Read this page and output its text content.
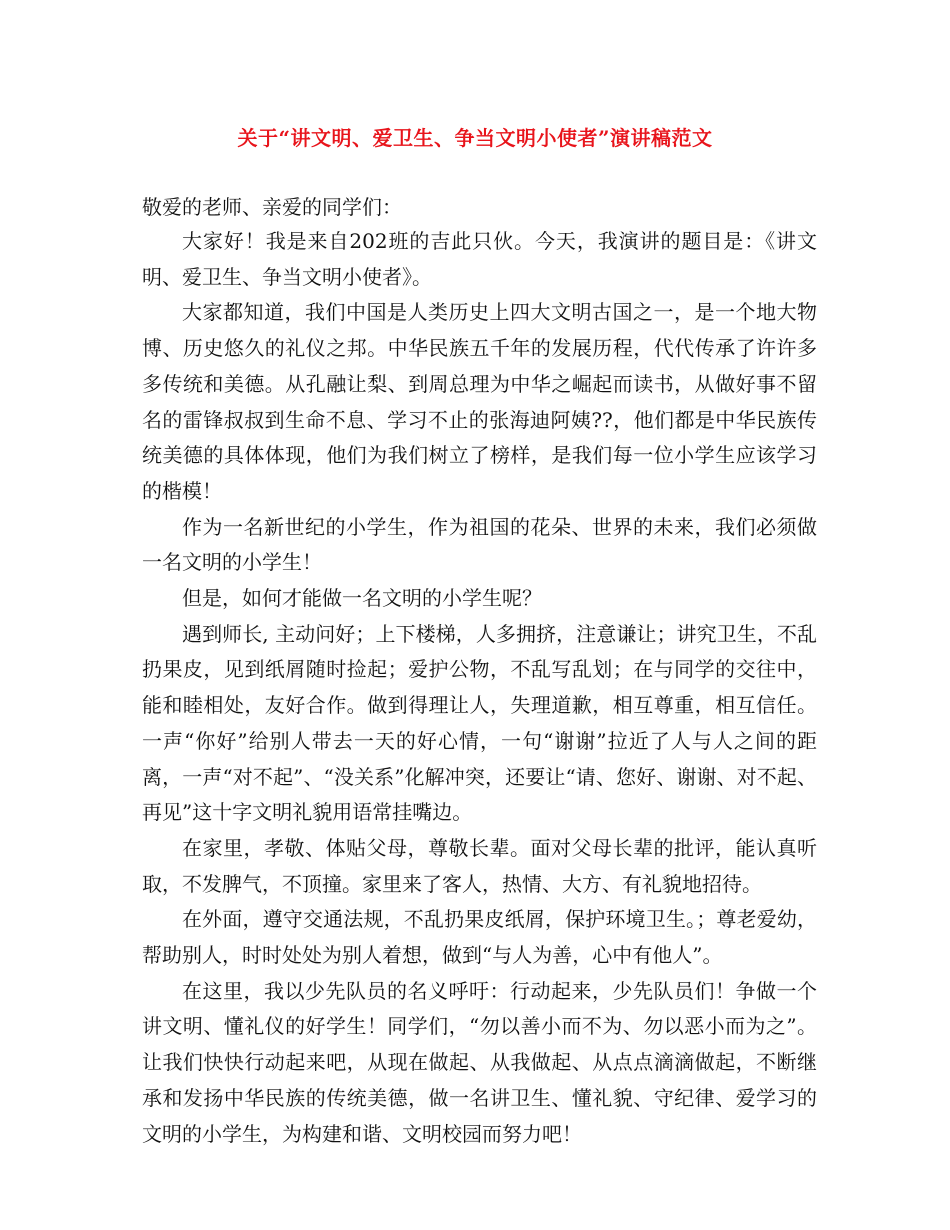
关于“讲文明、爱卫生、争当文明小使者”演讲稿范文

敬爱的老师、亲爱的同学们：

大家好！我是来自202班的吉此只伙。今天，我演讲的题目是：《讲文明、爱卫生、争当文明小使者》。

大家都知道，我们中国是人类历史上四大文明古国之一，是一个地大物博、历史悠久的礼仪之邦。中华民族五千年的发展历程，代代传承了许许多多传统和美德。从孔融让梨、到周总理为中华之崛起而读书，从做好事不留名的雷锋叔叔到生命不息、学习不止的张海迪阿姨??，他们都是中华民族传统美德的具体体现，他们为我们树立了榜样，是我们每一位小学生应该学习的楷模！

作为一名新世纪的小学生，作为祖国的花朵、世界的未来，我们必须做一名文明的小学生！

但是，如何才能做一名文明的小学生呢？

遇到师长, 主动问好；上下楼梯，人多拥挤，注意谦让；讲究卫生，不乱扔果皮，见到纸屑随时捡起；爱护公物，不乱写乱划；在与同学的交往中，能和睦相处，友好合作。做到得理让人，失理道歉，相互尊重，相互信任。一声“你好”给别人带去一天的好心情，一句“谢谢”拉近了人与人之间的距离，一声“对不起”、“没关系”化解冲突，还要让“请、您好、谢谢、对不起、再见”这十字文明礼貌用语常挂嘴边。

在家里，孝敬、体贴父母，尊敬长辈。面对父母长辈的批评，能认真听取，不发脾气，不顶撞。家里来了客人，热情、大方、有礼貌地招待。

在外面，遵守交通法规，不乱扔果皮纸屑，保护环境卫生。；尊老爱幼，帮助别人，时时处处为别人着想，做到“与人为善，心中有他人”。

在这里，我以少先队员的名义呼吁：行动起来，少先队员们！争做一个讲文明、懂礼仪的好学生！同学们，“勿以善小而不为、勿以恶小而为之”。让我们快快行动起来吧，从现在做起、从我做起、从点点滴滴做起，不断继承和发扬中华民族的传统美德，做一名讲卫生、懂礼貌、守纪律、爱学习的文明的小学生，为构建和谐、文明校园而努力吧！
